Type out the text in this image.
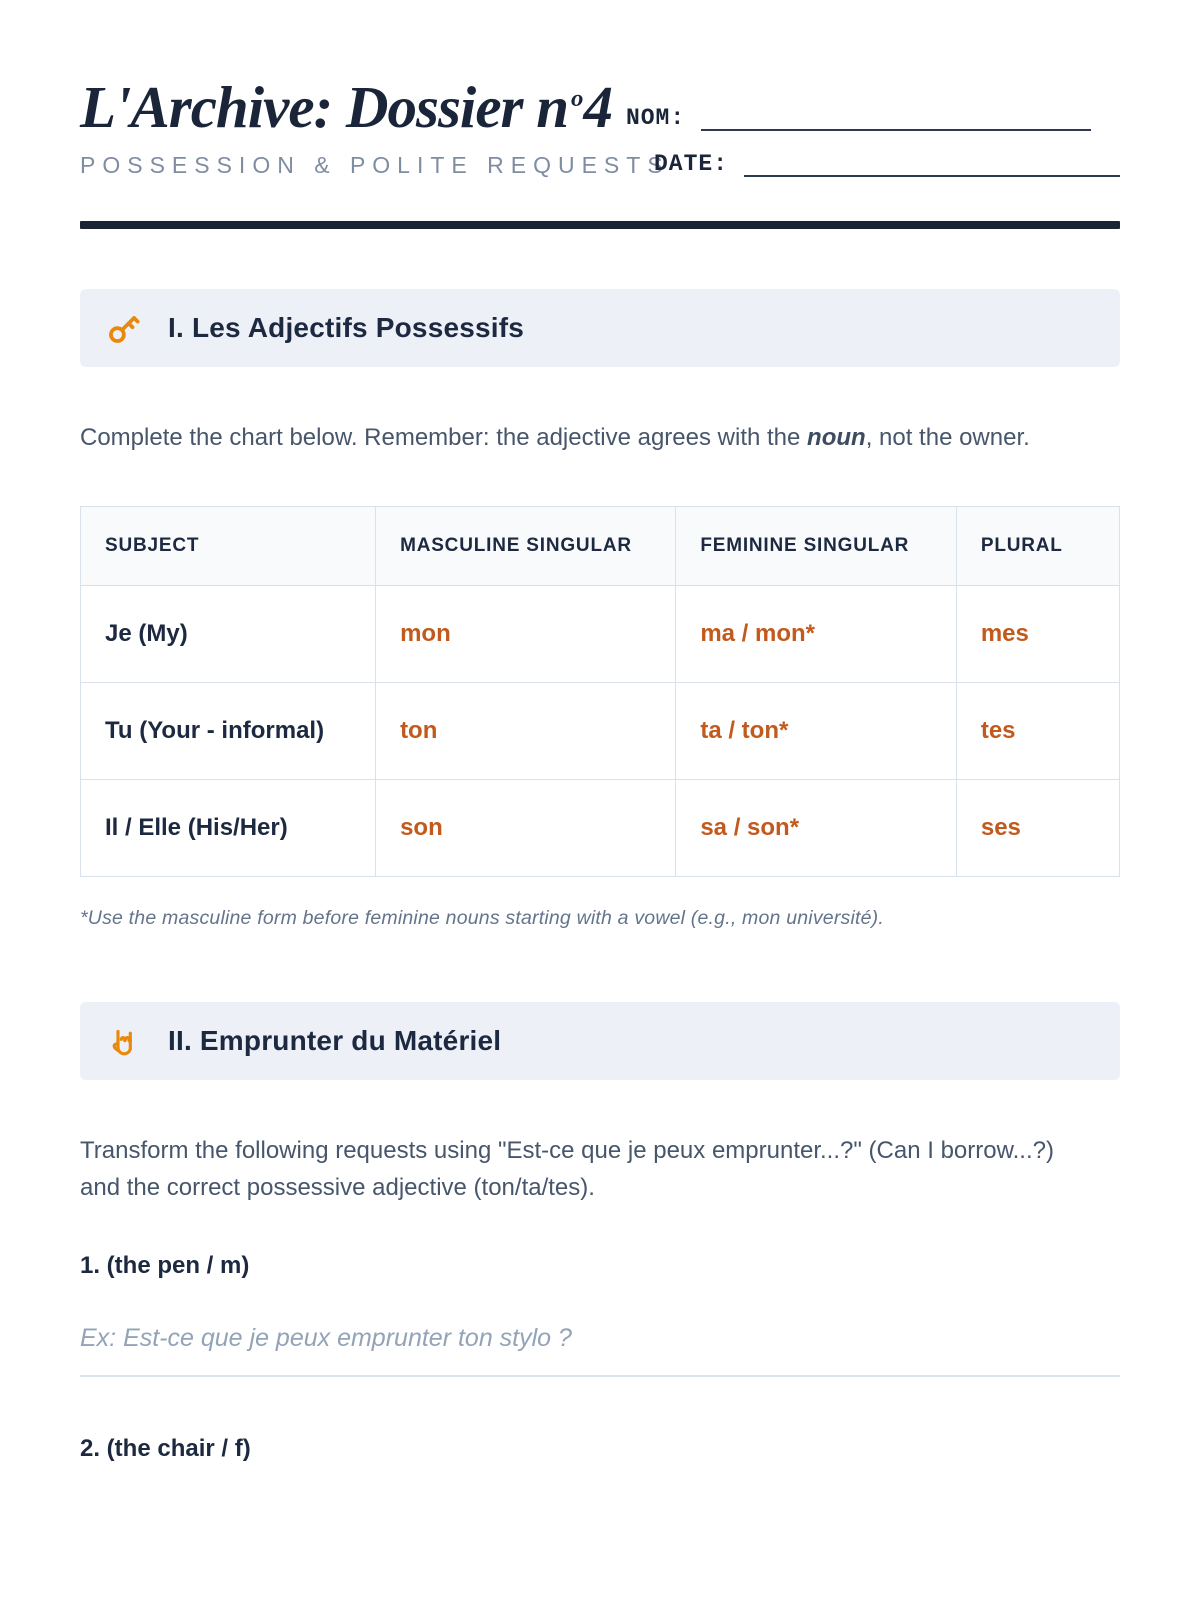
L'Archive: Dossier n $^o$4 NOM:
POSSESSION & POLITE REQUESTS
DATE:
I. Les Adjectifs Possessifs

Complete the chart below. Remember: the adjective agrees with the noun, not the owner.

SUBJECT	MASCULINE SINGULAR	FEMININE SINGULAR	PLURAL
Je (My)	mon	ma / mon*	mes
Tu (Your - informal)	ton	ta / ton*	tes
Il / Elle (His/Her)	son	sa / son*	ses

*Use the masculine form before feminine nouns starting with a vowel (e.g., mon université).

II. Emprunter du Matériel

Transform the following requests using "Est-ce que je peux emprunter...?" (Can I borrow...?) and the correct possessive adjective (ton/ta/tes).

1. (the pen / m)

Ex: Est-ce que je peux emprunter ton stylo ?

2. (the chair / f)
